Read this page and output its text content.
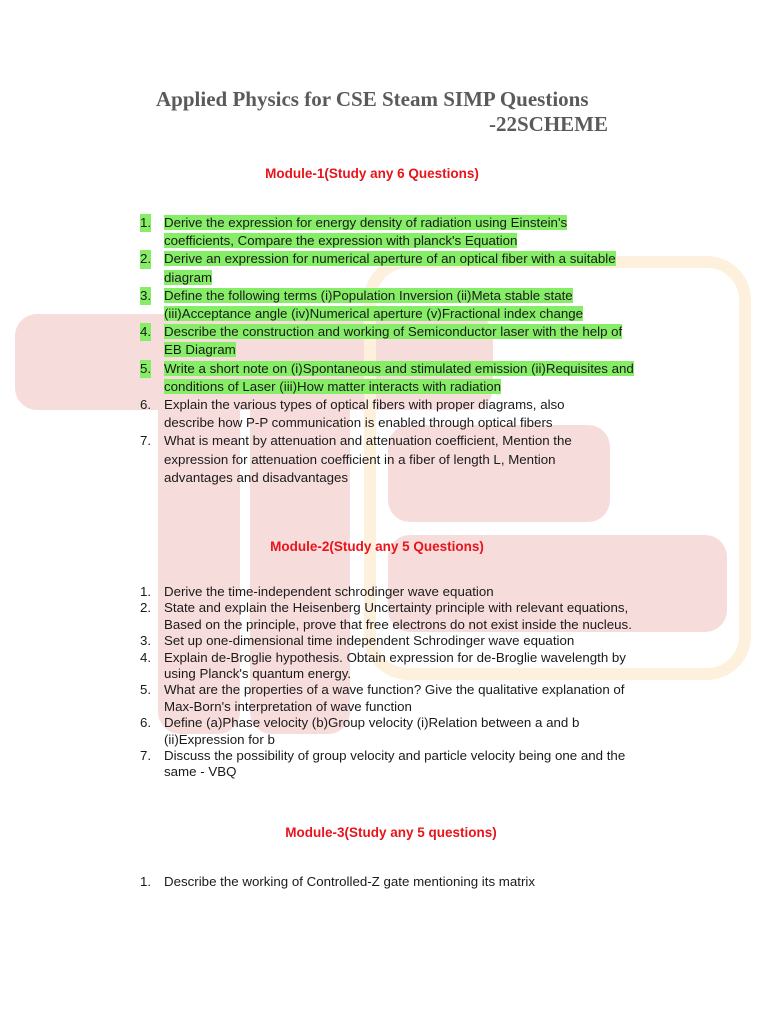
Applied Physics for CSE Steam SIMP Questions
-22SCHEME
Module-1(Study any 6 Questions)
1. Derive the expression for energy density of radiation using Einstein's
coefficients, Compare the expression with planck's Equation
2. Derive an expression for numerical aperture of an optical fiber with a suitable
diagram
3. Define the following terms (i)Population Inversion (ii)Meta stable state
(iii)Acceptance angle (iv)Numerical aperture (v)Fractional index change
4. Describe the construction and working of Semiconductor laser with the help of
EB Diagram
5. Write a short note on (i)Spontaneous and stimulated emission (ii)Requisites and
conditions of Laser (iii)How matter interacts with radiation
6. Explain the various types of optical fibers with proper diagrams, also
describe how P-P communication is enabled through optical fibers
7. What is meant by attenuation and attenuation coefficient, Mention the
expression for attenuation coefficient in a fiber of length L, Mention
advantages and disadvantages
Module-2(Study any 5 Questions)
1. Derive the time-independent schrodinger wave equation
2. State and explain the Heisenberg Uncertainty principle with relevant equations,
Based on the principle, prove that free electrons do not exist inside the nucleus.
3. Set up one-dimensional time independent Schrodinger wave equation
4. Explain de-Broglie hypothesis. Obtain expression for de-Broglie wavelength by
using Planck's quantum energy.
5. What are the properties of a wave function? Give the qualitative explanation of
Max-Born's interpretation of wave function
6. Define (a)Phase velocity (b)Group velocity (i)Relation between a and b
(ii)Expression for b
7. Discuss the possibility of group velocity and particle velocity being one and the
same - VBQ
Module-3(Study any 5 questions)
1. Describe the working of Controlled-Z gate mentioning its matrix
